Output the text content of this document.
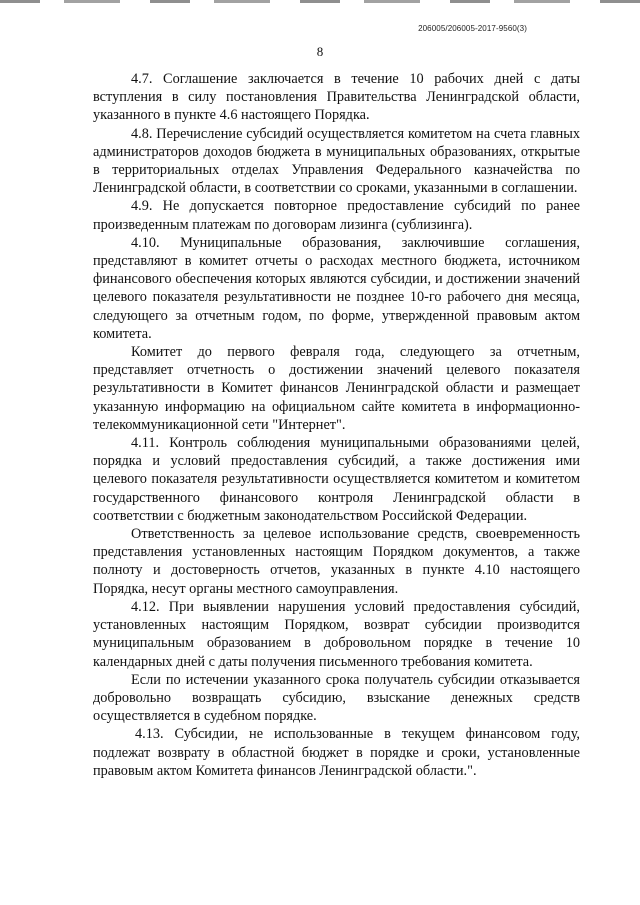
206005/206005-2017-9560(3)
8

4.7. Соглашение заключается в течение 10 рабочих дней с даты вступления в силу постановления Правительства Ленинградской области, указанного в пункте 4.6 настоящего Порядка.

4.8. Перечисление субсидий осуществляется комитетом на счета главных администраторов доходов бюджета в муниципальных образованиях, открытые в территориальных отделах Управления Федерального казначейства по Ленинградской области, в соответствии со сроками, указанными в соглашении.

4.9. Не допускается повторное предоставление субсидий по ранее произведенным платежам по договорам лизинга (сублизинга).

4.10. Муниципальные образования, заключившие соглашения, представляют в комитет отчеты о расходах местного бюджета, источником финансового обеспечения которых являются субсидии, и достижении значений целевого показателя результативности не позднее 10-го рабочего дня месяца, следующего за отчетным годом, по форме, утвержденной правовым актом комитета.

Комитет до первого февраля года, следующего за отчетным, представляет отчетность о достижении значений целевого показателя результативности в Комитет финансов Ленинградской области и размещает указанную информацию на официальном сайте комитета в информационно-телекоммуникационной сети "Интернет".

4.11. Контроль соблюдения муниципальными образованиями целей, порядка и условий предоставления субсидий, а также достижения ими целевого показателя результативности осуществляется комитетом и комитетом государственного финансового контроля Ленинградской области в соответствии с бюджетным законодательством Российской Федерации.

Ответственность за целевое использование средств, своевременность представления установленных настоящим Порядком документов, а также полноту и достоверность отчетов, указанных в пункте 4.10 настоящего Порядка, несут органы местного самоуправления.

4.12. При выявлении нарушения условий предоставления субсидий, установленных настоящим Порядком, возврат субсидии производится муниципальным образованием в добровольном порядке в течение 10 календарных дней с даты получения письменного требования комитета.

Если по истечении указанного срока получатель субсидии отказывается добровольно возвращать субсидию, взыскание денежных средств осуществляется в судебном порядке.

4.13. Субсидии, не использованные в текущем финансовом году, подлежат возврату в областной бюджет в порядке и сроки, установленные правовым актом Комитета финансов Ленинградской области.".
